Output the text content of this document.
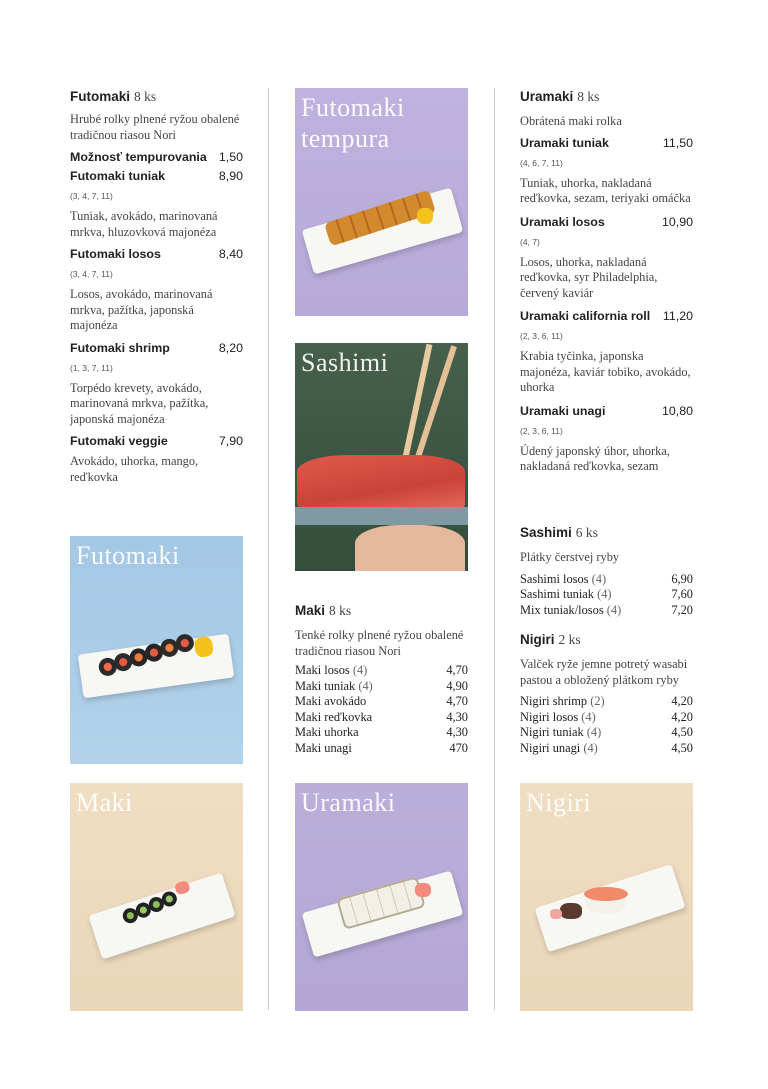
Futomaki 8 ks
Hrubé rolky plnené ryžou obalené tradičnou riasou Nori
Možnosť tempurovania 1,50
Futomaki tuniak	8,90
(3, 4, 7, 11)
Tuniak, avokádo, marinovaná mrkva, hluzovková majonéza
Futomaki losos	8,40
(3, 4, 7, 11)
Losos, avokádo, marinovaná mrkva, pažítka, japonská majonéza
Futomaki shrimp	8,20
(1, 3, 7, 11)
Torpédo krevety, avokádo, marinovaná mrkva, pažítka, japonská majonéza
Futomaki veggie	7,90
Avokádo, uhorka, mango, reďkovka
Futomaki
Maki
Futomaki
tempura
Sashimi
Maki 8 ks
Tenké rolky plnené ryžou obalené tradičnou riasou Nori
Maki losos (4)	4,70
Maki tuniak (4)	4,90
Maki avokádo	4,70
Maki reďkovka	4,30
Maki uhorka	4,30
Maki unagi	470
Uramaki
Uramaki 8 ks
Obrátená maki rolka
Uramaki tuniak	11,50
(4, 6, 7, 11)
Tuniak, uhorka, nakladaná reďkovka, sezam, teriyaki omáčka
Uramaki losos	10,90
(4, 7)
Losos, uhorka, nakladaná reďkovka, syr Philadelphia, červený kaviár
Uramaki california roll 11,20
(2, 3, 6, 11)
Krabia tyčinka, japonska majonéza, kaviár tobiko, avokádo, uhorka
Uramaki unagi	10,80
(2, 3, 6, 11)
Údený japonský úhor, uhorka, nakladaná reďkovka, sezam
Sashimi 6 ks
Plátky čerstvej ryby
Sashimi losos (4)	6,90
Sashimi tuniak (4)	7,60
Mix tuniak/losos (4)	7,20
Nigiri 2 ks
Valček ryže jemne potretý wasabi pastou a obložený plátkom ryby
Nigiri shrimp (2)	4,20
Nigiri losos (4)	4,20
Nigiri tuniak (4)	4,50
Nigiri unagi (4)	4,50
Nigiri
